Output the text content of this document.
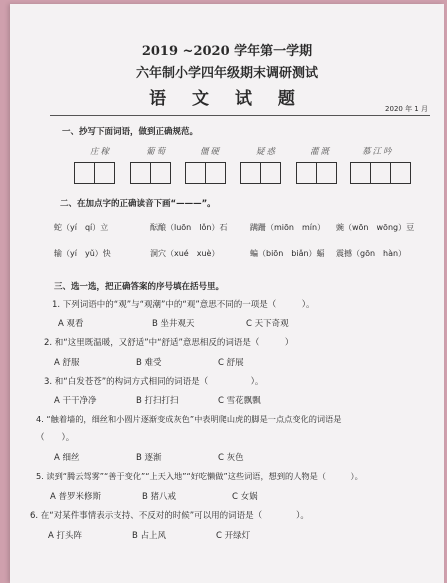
2019 ~2020 学年第一学期
六年制小学四年级期末调研测试
语 文 试 题	2020 年 1 月
一、抄写下面词语，做到正确规范。
庄稼	葡萄	僵硬	疑惑	灌溉	慕江吟
二、在加点字的正确读音下画“———”。
蛇（yí　qí）立	酝酿（luōn　lǒn）石	蹒跚（miōn　mín） 豌（wōn　wōng）豆
输（yí　yǔ）快	洞穴（xué　xuè）	蝙（biōn　biǎn）蝠 震撼（gōn　hàn）
三、选一选，把正确答案的序号填在括号里。
1. 下列词语中的“观”与“观潮”中的“观”意思不同的一项是（　　　）。
A 观看	B 坐井观天	C 天下奇观
2. 和“这里既温暖，又舒适”中“舒适”意思相反的词语是（　　　）
A 舒服	B 难受	C 舒展
3. 和“白发苍苍”的构词方式相同的词语是（　　　　　）。
A 干干净净	B 打扫打扫	C 雪花飘飘
4. “触着墙的，细丝和小圆片逐渐变成灰色”中表明爬山虎的脚是一点点变化的词语是
（　　）。
A 细丝	B 逐渐	C 灰色
5. 读到“腾云驾雾”“善于变化”“上天入地”“好吃懒做”这些词语，想到的人物是（　　　）。
A 普罗米修斯	B 猪八戒	C 女娲
6. 在“对某件事情表示支持、不反对的时候”可以用的词语是（　　　　）。
A 打头阵	B 占上风	C 开绿灯
